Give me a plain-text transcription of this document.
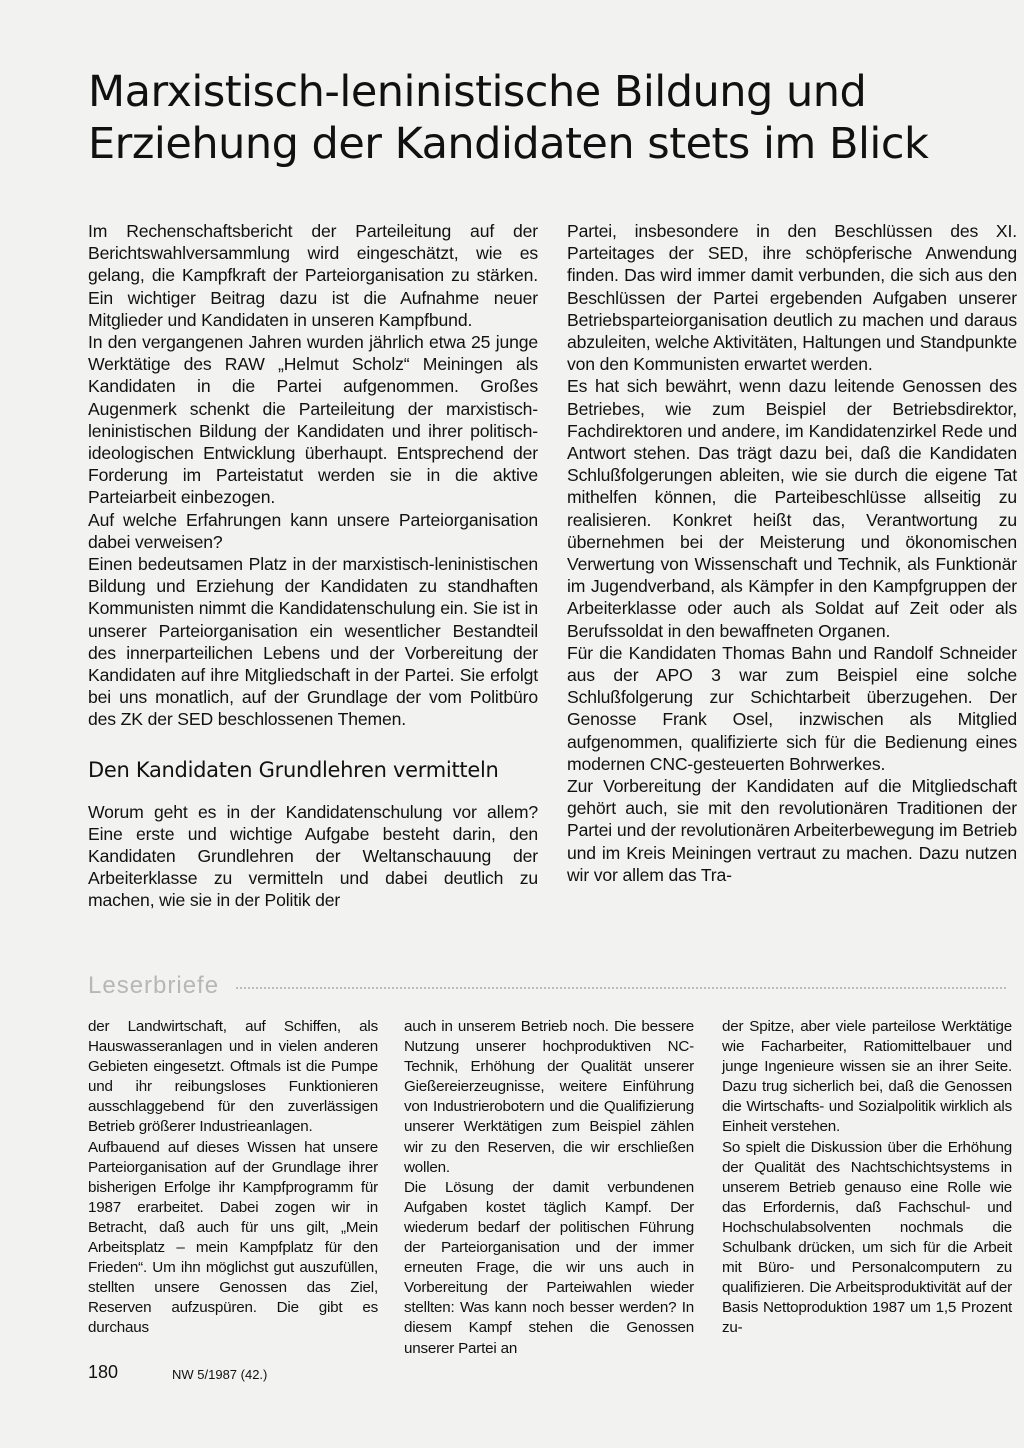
Marxistisch-leninistische Bildung und
Erziehung der Kandidaten stets im Blick

Im Rechenschaftsbericht der Parteileitung auf der Berichtswahlversammlung wird eingeschätzt, wie es gelang, die Kampfkraft der Parteiorganisation zu stärken. Ein wichtiger Beitrag dazu ist die Aufnahme neuer Mitglieder und Kandidaten in unseren Kampfbund.

In den vergangenen Jahren wurden jährlich etwa 25 junge Werktätige des RAW „Helmut Scholz“ Meiningen als Kandidaten in die Partei aufgenommen. Großes Augenmerk schenkt die Parteileitung der marxistisch-leninistischen Bildung der Kandidaten und ihrer politisch-ideologischen Entwicklung überhaupt. Entsprechend der Forderung im Parteistatut werden sie in die aktive Parteiarbeit einbezogen.

Auf welche Erfahrungen kann unsere Parteiorganisation dabei verweisen?

Einen bedeutsamen Platz in der marxistisch-leninistischen Bildung und Erziehung der Kandidaten zu standhaften Kommunisten nimmt die Kandidatenschulung ein. Sie ist in unserer Parteiorganisation ein wesentlicher Bestandteil des innerparteilichen Lebens und der Vorbereitung der Kandidaten auf ihre Mitgliedschaft in der Partei. Sie erfolgt bei uns monatlich, auf der Grundlage der vom Politbüro des ZK der SED beschlossenen Themen.

Den Kandidaten Grundlehren vermitteln

Worum geht es in der Kandidatenschulung vor allem? Eine erste und wichtige Aufgabe besteht darin, den Kandidaten Grundlehren der Weltanschauung der Arbeiterklasse zu vermitteln und dabei deutlich zu machen, wie sie in der Politik der

Partei, insbesondere in den Beschlüssen des XI. Parteitages der SED, ihre schöpferische Anwendung finden. Das wird immer damit verbunden, die sich aus den Beschlüssen der Partei ergebenden Aufgaben unserer Betriebsparteiorganisation deutlich zu machen und daraus abzuleiten, welche Aktivitäten, Haltungen und Standpunkte von den Kommunisten erwartet werden.

Es hat sich bewährt, wenn dazu leitende Genossen des Betriebes, wie zum Beispiel der Betriebsdirektor, Fachdirektoren und andere, im Kandidatenzirkel Rede und Antwort stehen. Das trägt dazu bei, daß die Kandidaten Schlußfolgerungen ableiten, wie sie durch die eigene Tat mithelfen können, die Parteibeschlüsse allseitig zu realisieren. Konkret heißt das, Verantwortung zu übernehmen bei der Meisterung und ökonomischen Verwertung von Wissenschaft und Technik, als Funktionär im Jugendverband, als Kämpfer in den Kampfgruppen der Arbeiterklasse oder auch als Soldat auf Zeit oder als Berufssoldat in den bewaffneten Organen.

Für die Kandidaten Thomas Bahn und Randolf Schneider aus der APO 3 war zum Beispiel eine solche Schlußfolgerung zur Schichtarbeit überzugehen. Der Genosse Frank Osel, inzwischen als Mitglied aufgenommen, qualifizierte sich für die Bedienung eines modernen CNC-gesteuerten Bohrwerkes.

Zur Vorbereitung der Kandidaten auf die Mitgliedschaft gehört auch, sie mit den revolutionären Traditionen der Partei und der revolutionären Arbeiterbewegung im Betrieb und im Kreis Meiningen vertraut zu machen. Dazu nutzen wir vor allem das Tra-

Leserbriefe

der Landwirtschaft, auf Schiffen, als Hauswasseranlagen und in vielen anderen Gebieten eingesetzt. Oftmals ist die Pumpe und ihr reibungsloses Funktionieren ausschlaggebend für den zuverlässigen Betrieb größerer Industrieanlagen.

Aufbauend auf dieses Wissen hat unsere Parteiorganisation auf der Grundlage ihrer bisherigen Erfolge ihr Kampfprogramm für 1987 erarbeitet. Dabei zogen wir in Betracht, daß auch für uns gilt, „Mein Arbeitsplatz – mein Kampfplatz für den Frieden“. Um ihn möglichst gut auszufüllen, stellten unsere Genossen das Ziel, Reserven aufzuspüren. Die gibt es durchaus

auch in unserem Betrieb noch. Die bessere Nutzung unserer hochproduktiven NC-Technik, Erhöhung der Qualität unserer Gießereierzeugnisse, weitere Einführung von Industrierobotern und die Qualifizierung unserer Werktätigen zum Beispiel zählen wir zu den Reserven, die wir erschließen wollen.

Die Lösung der damit verbundenen Aufgaben kostet täglich Kampf. Der wiederum bedarf der politischen Führung der Parteiorganisation und der immer erneuten Frage, die wir uns auch in Vorbereitung der Parteiwahlen wieder stellten: Was kann noch besser werden? In diesem Kampf stehen die Genossen unserer Partei an

der Spitze, aber viele parteilose Werktätige wie Facharbeiter, Ratiomittelbauer und junge Ingenieure wissen sie an ihrer Seite. Dazu trug sicherlich bei, daß die Genossen die Wirtschafts- und Sozialpolitik wirklich als Einheit verstehen.

So spielt die Diskussion über die Erhöhung der Qualität des Nachtschichtsystems in unserem Betrieb genauso eine Rolle wie das Erfordernis, daß Fachschul- und Hochschulabsolventen nochmals die Schulbank drücken, um sich für die Arbeit mit Büro- und Personalcomputern zu qualifizieren. Die Arbeitsproduktivität auf der Basis Nettoproduktion 1987 um 1,5 Prozent zu-

180	NW 5/1987 (42.)
